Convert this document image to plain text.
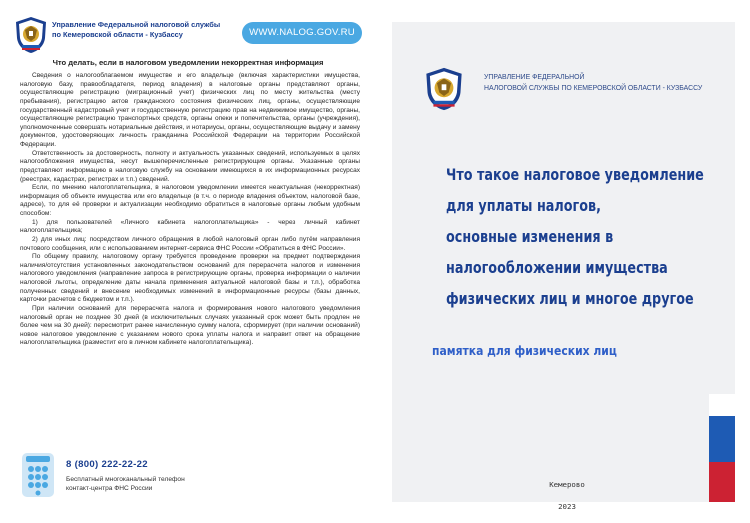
Управление Федеральной налоговой службы
по Кемеровской области - Кузбассу	WWW.NALOG.GOV.RU
Что делать, если в налоговом уведомлении некорректная информация

Сведения о налогооблагаемом имуществе и его владельце (включая характеристики имущества, налоговую базу, правообладателя, период владения) в налоговые органы представляют органы, осуществляющие регистрацию (миграционный учет) физических лиц по месту жительства (месту пребывания), регистрацию актов гражданского состояния физических лиц, органы, осуществляющие государственный кадастровый учет и государственную регистрацию прав на недвижимое имущество, органы, осуществляющие регистрацию транспортных средств, органы опеки и попечительства, органы (учреждения), уполномоченные совершать нотариальные действия, и нотариусы, органы, осуществляющие выдачу и замену документов, удостоверяющих личность гражданина Российской Федерации на территории Российской Федерации.

Ответственность за достоверность, полноту и актуальность указанных сведений, используемых в целях налогообложения имущества, несут вышеперечисленные регистрирующие органы. Указанные органы представляют информацию в налоговую службу на основании имеющихся в их информационных ресурсах (реестрах, кадастрах, регистрах и т.п.) сведений.

Если, по мнению налогоплательщика, в налоговом уведомлении имеется неактуальная (некорректная) информация об объекте имущества или его владельце (в т.ч. о периоде владения объектом, налоговой базе, адресе), то для её проверки и актуализации необходимо обратиться в налоговые органы любым удобным способом:

1) для пользователей «Личного кабинета налогоплательщика» - через личный кабинет налогоплательщика;

2) для иных лиц: посредством личного обращения в любой налоговый орган либо путём направления почтового сообщения, или с использованием интернет-сервиса ФНС России «Обратиться в ФНС России».

По общему правилу, налоговому органу требуется проведение проверки на предмет подтверждения наличия/отсутствия установленных законодательством оснований для перерасчета налогов и изменения налогового уведомления (направление запроса в регистрирующие органы, проверка информации о наличии налоговой льготы, определение даты начала применения актуальной налоговой базы и т.п.), обработка полученных сведений и внесение необходимых изменений в информационные ресурсы (базы данных, карточки расчетов с бюджетом и т.п.).

При наличии оснований для перерасчета налога и формирования нового налогового уведомления налоговый орган не позднее 30 дней (в исключительных случаях указанный срок может быть продлен не более чем на 30 дней): пересмотрит ранее начисленную сумму налога, сформирует (при наличии оснований) новое налоговое уведомление с указанием нового срока уплаты налога и направит ответ на обращение налогоплательщика (разместит его в личном кабинете налогоплательщика).

8 (800) 222-22-22
Бесплатный многоканальный телефон
контакт-центра ФНС России
УПРАВЛЕНИЕ ФЕДЕРАЛЬНОЙ
НАЛОГОВОЙ СЛУЖБЫ ПО КЕМЕРОВСКОЙ ОБЛАСТИ - КУЗБАССУ
Что такое налоговое уведомление
для уплаты налогов,
основные изменения в
налогообложении имущества
физических лиц и многое другое
памятка для физических лиц

Кемерово

2023
